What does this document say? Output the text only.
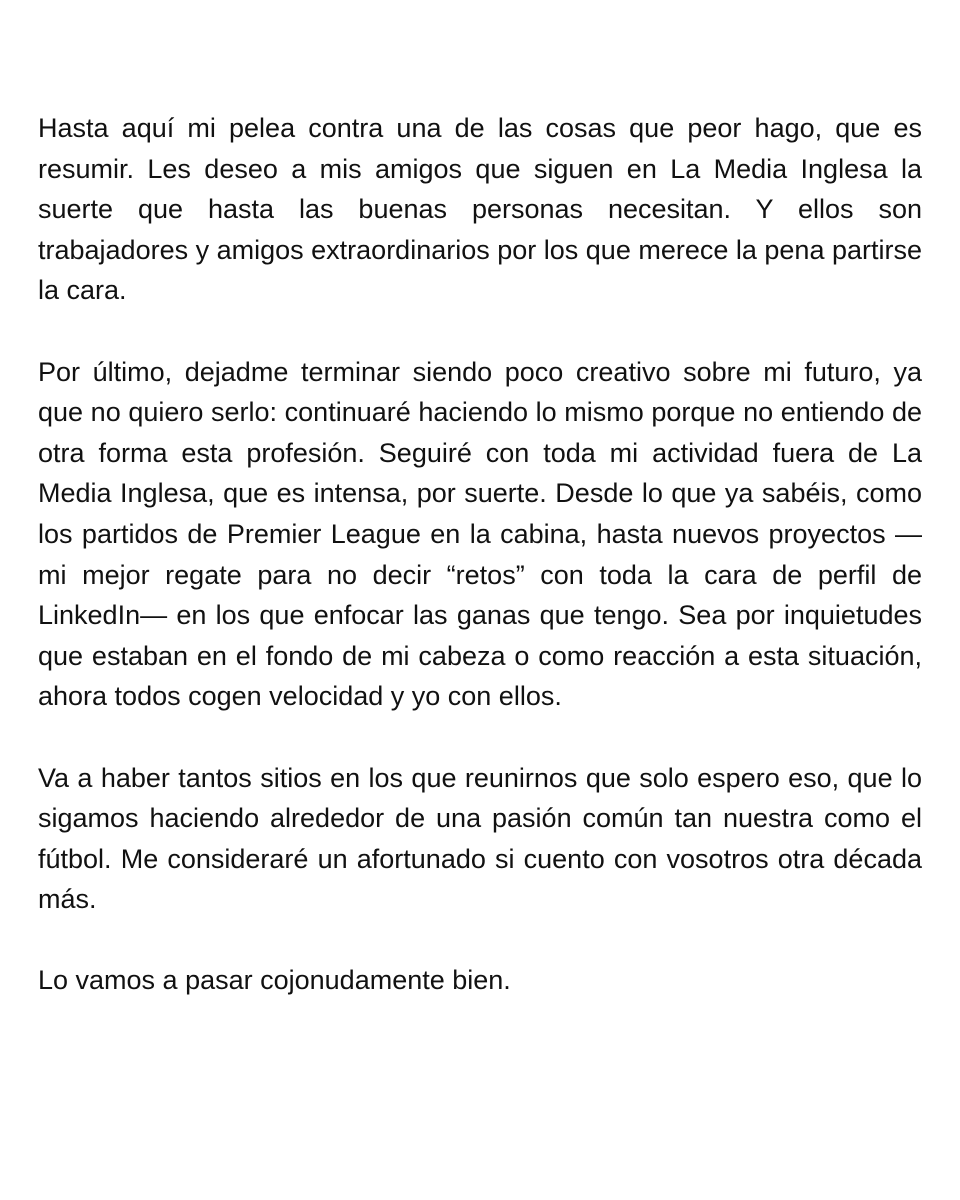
Hasta aquí mi pelea contra una de las cosas que peor hago, que es resumir. Les deseo a mis amigos que siguen en La Media Inglesa la suerte que hasta las buenas personas necesitan. Y ellos son trabajadores y amigos extraordinarios por los que merece la pena partirse la cara.

Por último, dejadme terminar siendo poco creativo sobre mi futuro, ya que no quiero serlo: continuaré haciendo lo mismo porque no entiendo de otra forma esta profesión. Seguiré con toda mi actividad fuera de La Media Inglesa, que es intensa, por suerte. Desde lo que ya sabéis, como los partidos de Premier League en la cabina, hasta nuevos proyectos —mi mejor regate para no decir “retos” con toda la cara de perfil de LinkedIn— en los que enfocar las ganas que tengo. Sea por inquietudes que estaban en el fondo de mi cabeza o como reacción a esta situación, ahora todos cogen velocidad y yo con ellos.

Va a haber tantos sitios en los que reunirnos que solo espero eso, que lo sigamos haciendo alrededor de una pasión común tan nuestra como el fútbol. Me consideraré un afortunado si cuento con vosotros otra década más.

Lo vamos a pasar cojonudamente bien.
